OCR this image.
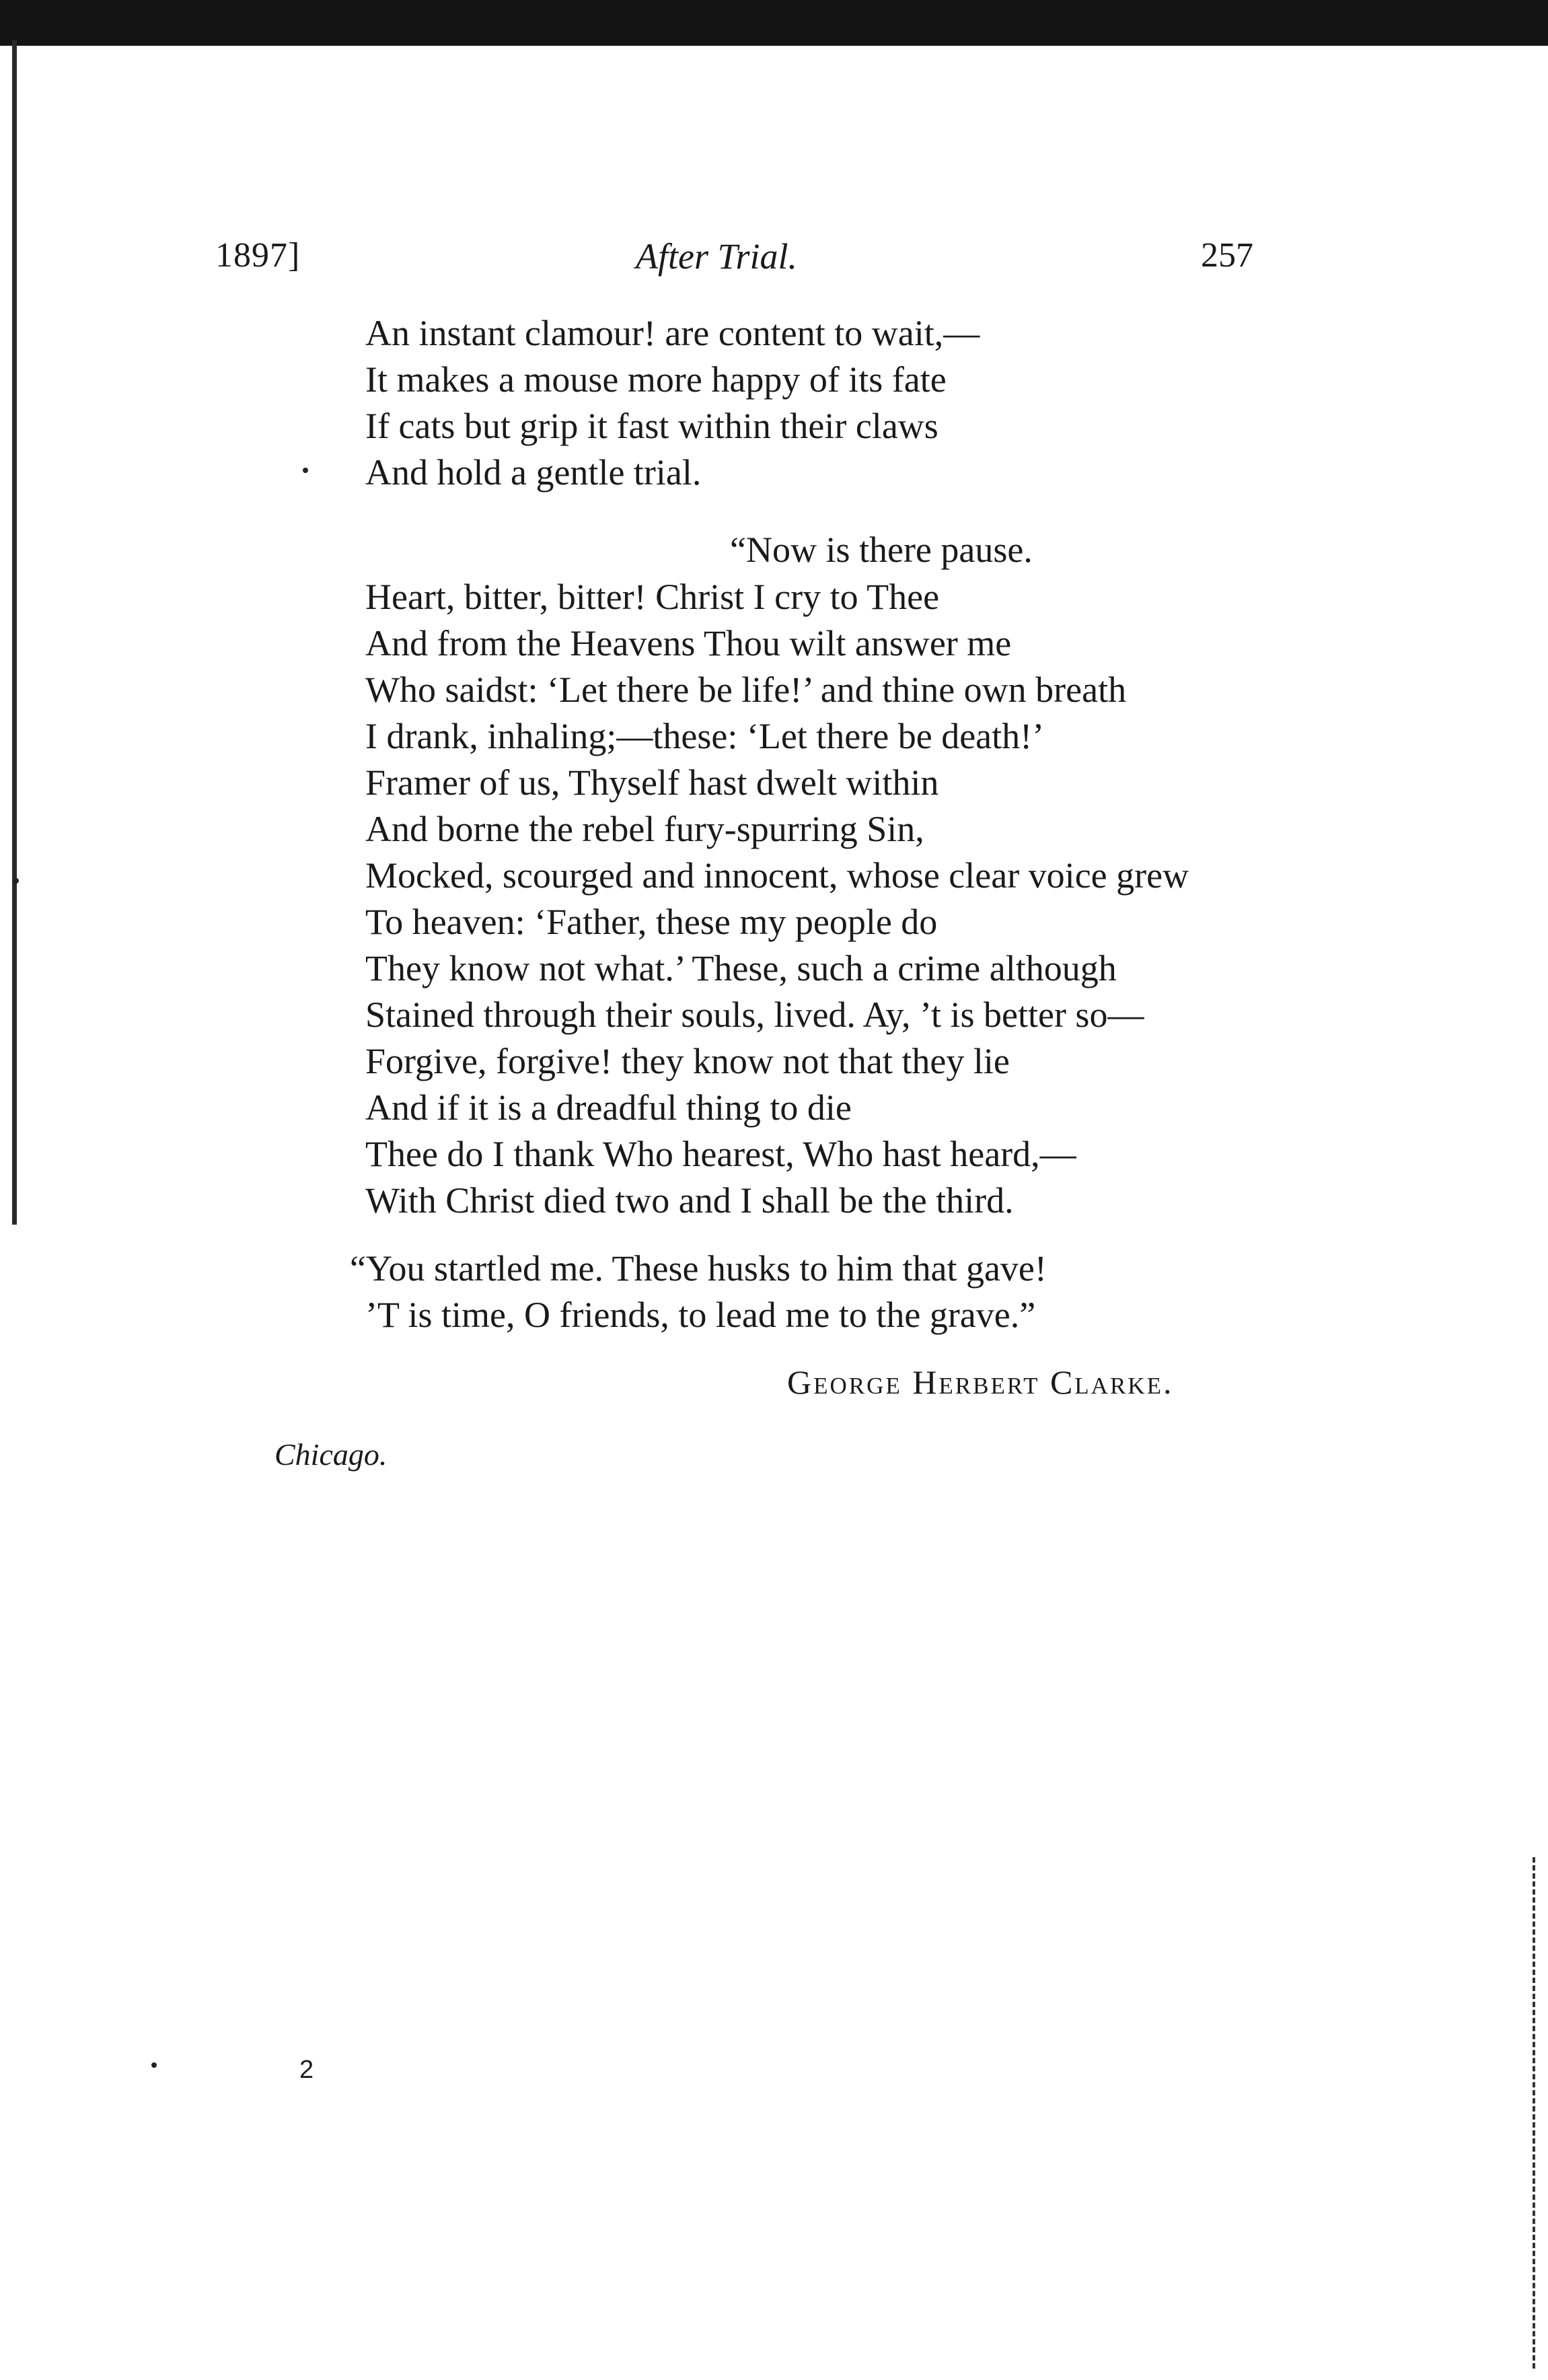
1897]	After Trial.	257
An instant clamour! are content to wait,—
It makes a mouse more happy of its fate
If cats but grip it fast within their claws
And hold a gentle trial.
“Now is there pause.
Heart, bitter, bitter! Christ I cry to Thee
And from the Heavens Thou wilt answer me
Who saidst: ‘Let there be life!’ and thine own breath
I drank, inhaling;—these: ‘Let there be death!’
Framer of us, Thyself hast dwelt within
And borne the rebel fury-spurring Sin,
Mocked, scourged and innocent, whose clear voice grew
To heaven: ‘Father, these my people do
They know not what.’ These, such a crime although
Stained through their souls, lived. Ay, ’t is better so—
Forgive, forgive! they know not that they lie
And if it is a dreadful thing to die
Thee do I thank Who hearest, Who hast heard,—
With Christ died two and I shall be the third.
“You startled me. These husks to him that gave!
’T is time, O friends, to lead me to the grave.”
George Herbert Clarke.
Chicago.
2
